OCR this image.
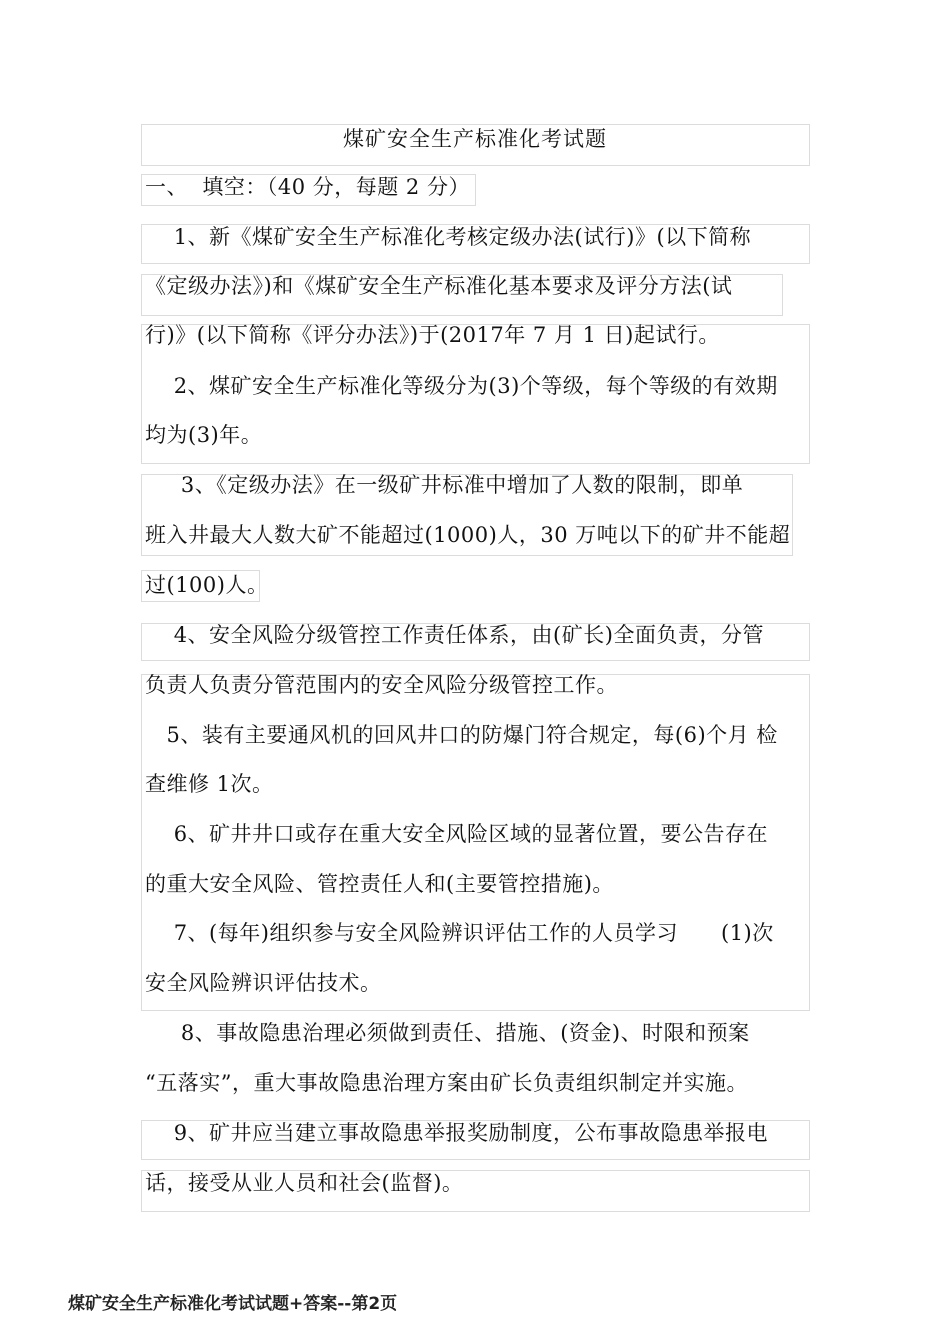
煤矿安全生产标准化考试题
一、  填空：（40 分，每题 2 分）
1、新《煤矿安全生产标准化考核定级办法(试行)》(以下简称
《定级办法》)和《煤矿安全生产标准化基本要求及评分方法(试
行)》(以下简称《评分办法》)于(2017年 7 月 1 日)起试行。
2、煤矿安全生产标准化等级分为(3)个等级，每个等级的有效期
均为(3)年。
3、《定级办法》在一级矿井标准中增加了人数的限制，即单
班入井最大人数大矿不能超过(1000)人，30 万吨以下的矿井不能超
过(100)人。
4、安全风险分级管控工作责任体系，由(矿长)全面负责，分管
负责人负责分管范围内的安全风险分级管控工作。
5、装有主要通风机的回风井口的防爆门符合规定，每(6)个月 检
查维修 1次。
6、矿井井口或存在重大安全风险区域的显著位置，要公告存在
的重大安全风险、管控责任人和(主要管控措施)。
7、(每年)组织参与安全风险辨识评估工作的人员学习      (1)次
安全风险辨识评估技术。
8、事故隐患治理必须做到责任、措施、(资金)、时限和预案
“五落实”，重大事故隐患治理方案由矿长负责组织制定并实施。
9、矿井应当建立事故隐患举报奖励制度，公布事故隐患举报电
话，接受从业人员和社会(监督)。
煤矿安全生产标准化考试试题+答案--第2页
